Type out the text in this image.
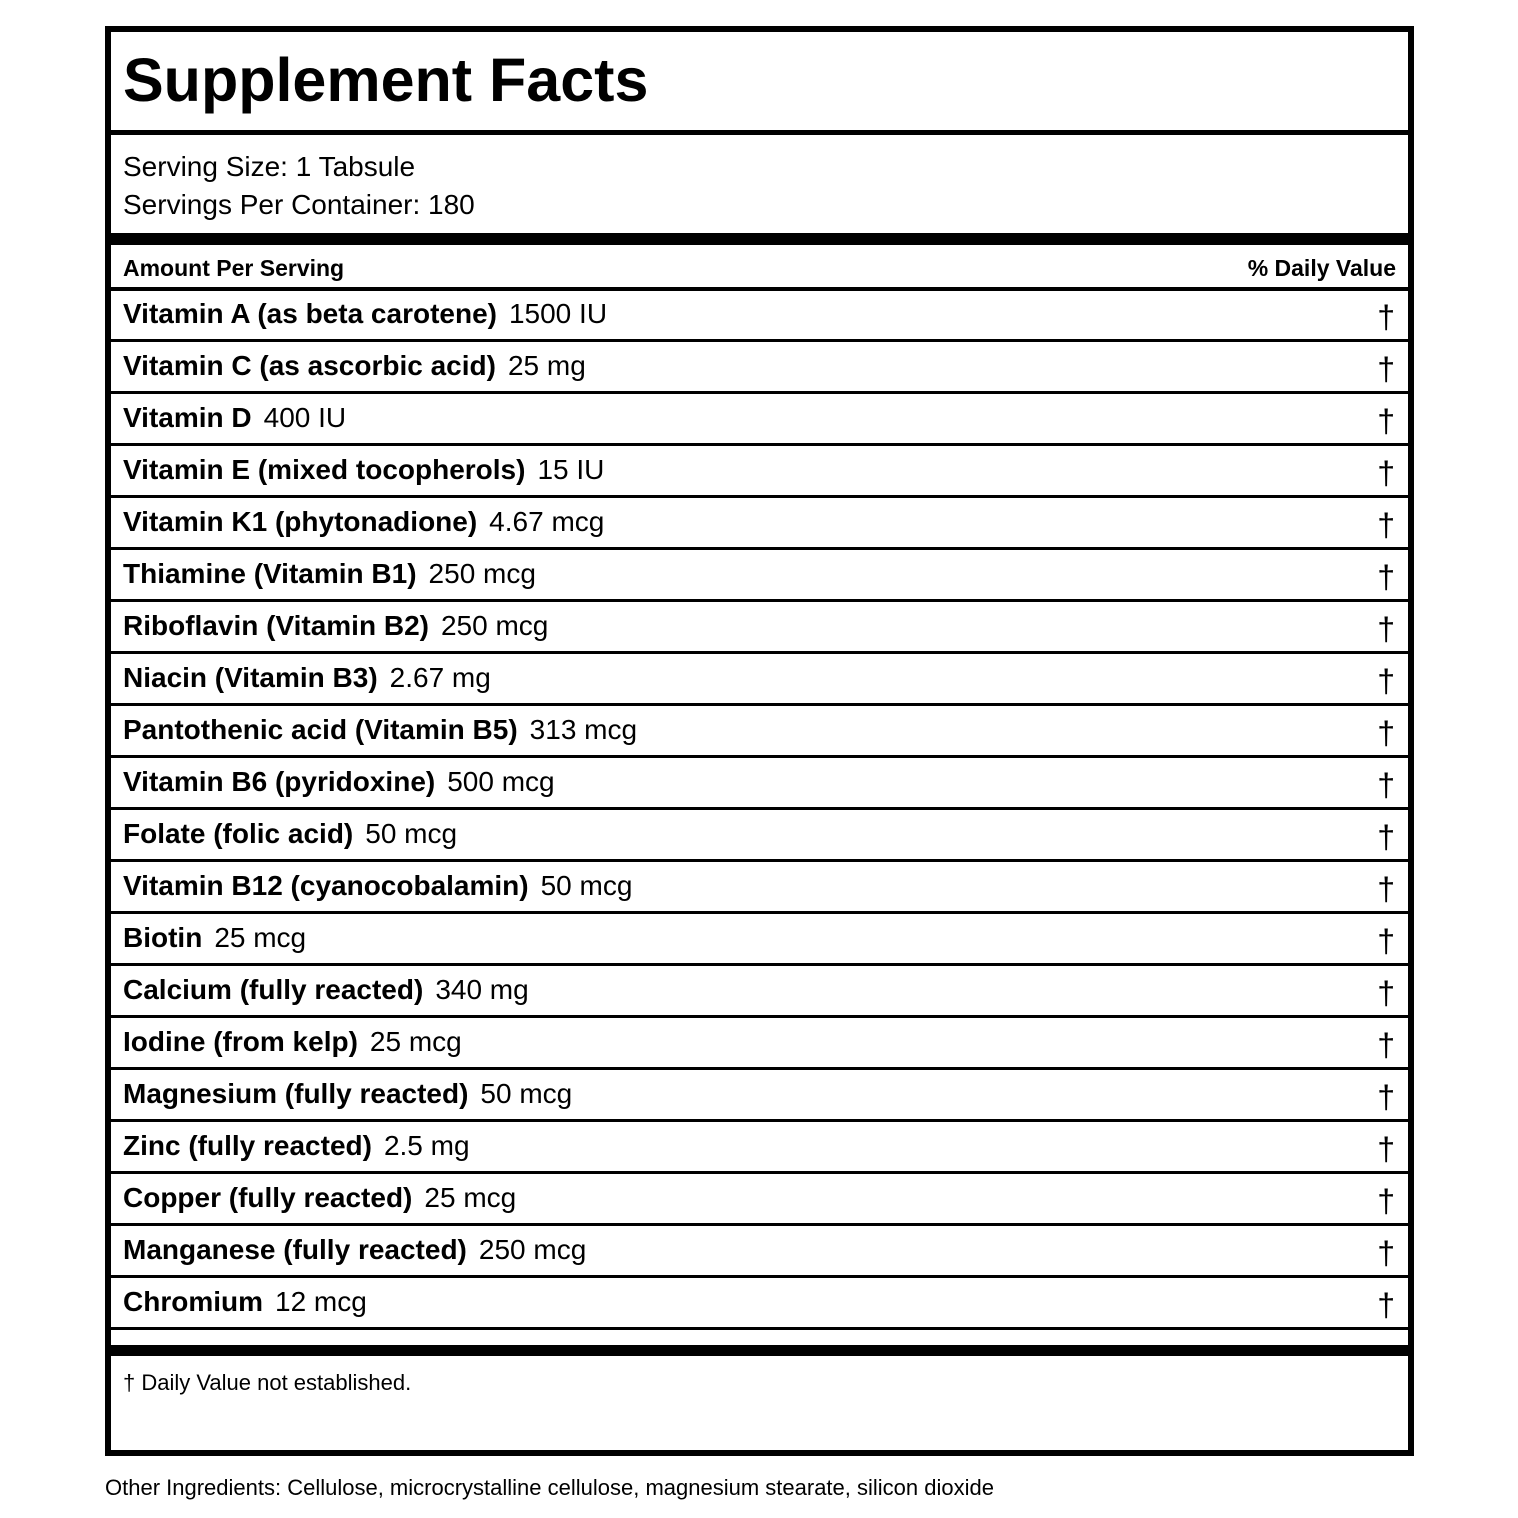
Supplement Facts
Serving Size: 1 Tabsule
Servings Per Container: 180
Amount Per Serving	% Daily Value
Vitamin A (as beta carotene) 1500 IU	†
Vitamin C (as ascorbic acid) 25 mg	†
Vitamin D 400 IU	†
Vitamin E (mixed tocopherols) 15 IU	†
Vitamin K1 (phytonadione) 4.67 mcg	†
Thiamine (Vitamin B1) 250 mcg	†
Riboflavin (Vitamin B2) 250 mcg	†
Niacin (Vitamin B3) 2.67 mg	†
Pantothenic acid (Vitamin B5) 313 mcg	†
Vitamin B6 (pyridoxine) 500 mcg	†
Folate (folic acid) 50 mcg	†
Vitamin B12 (cyanocobalamin) 50 mcg	†
Biotin 25 mcg	†
Calcium (fully reacted) 340 mg	†
Iodine (from kelp) 25 mcg	†
Magnesium (fully reacted) 50 mcg	†
Zinc (fully reacted) 2.5 mg	†
Copper (fully reacted) 25 mcg	†
Manganese (fully reacted) 250 mcg	†
Chromium 12 mcg	†
† Daily Value not established.
Other Ingredients: Cellulose, microcrystalline cellulose, magnesium stearate, silicon dioxide
